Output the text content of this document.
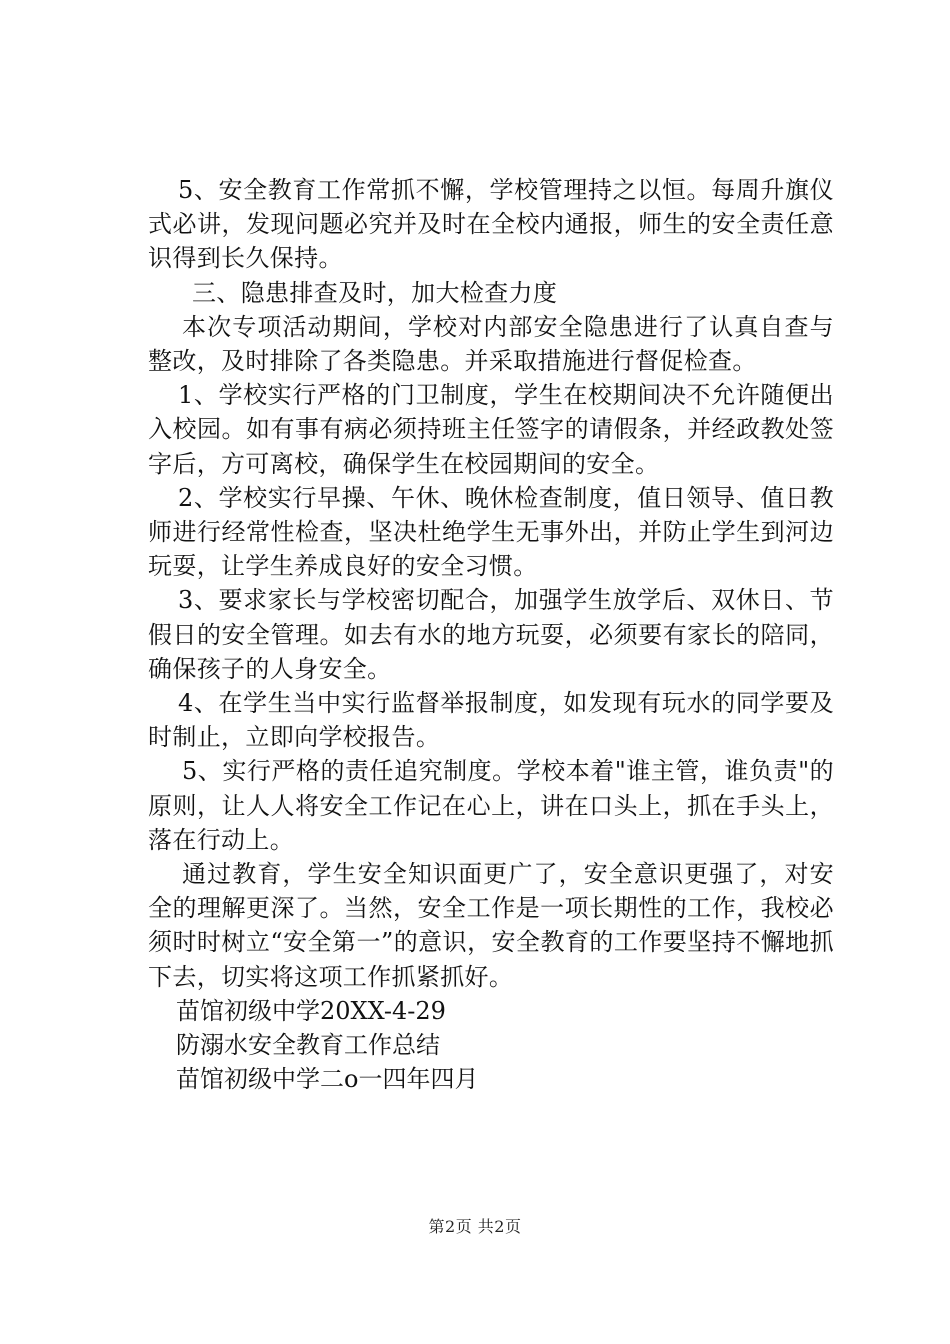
5、安全教育工作常抓不懈，学校管理持之以恒。每周升旗仪式必讲，发现问题必究并及时在全校内通报，师生的安全责任意识得到长久保持。

三、隐患排查及时，加大检查力度

本次专项活动期间，学校对内部安全隐患进行了认真自查与整改，及时排除了各类隐患。并采取措施进行督促检查。

1、学校实行严格的门卫制度，学生在校期间决不允许随便出入校园。如有事有病必须持班主任签字的请假条，并经政教处签字后，方可离校，确保学生在校园期间的安全。

2、学校实行早操、午休、晚休检查制度，值日领导、值日教师进行经常性检查，坚决杜绝学生无事外出，并防止学生到河边玩耍，让学生养成良好的安全习惯。

3、要求家长与学校密切配合，加强学生放学后、双休日、节假日的安全管理。如去有水的地方玩耍，必须要有家长的陪同，确保孩子的人身安全。

4、在学生当中实行监督举报制度，如发现有玩水的同学要及时制止，立即向学校报告。

5、实行严格的责任追究制度。学校本着"谁主管，谁负责"的原则，让人人将安全工作记在心上，讲在口头上，抓在手头上，落在行动上。

通过教育，学生安全知识面更广了，安全意识更强了，对安全的理解更深了。当然，安全工作是一项长期性的工作，我校必须时时树立“安全第一”的意识，安全教育的工作要坚持不懈地抓下去，切实将这项工作抓紧抓好。

苗馆初级中学20XX-4-29

防溺水安全教育工作总结

苗馆初级中学二o一四年四月

第2页 共2页
